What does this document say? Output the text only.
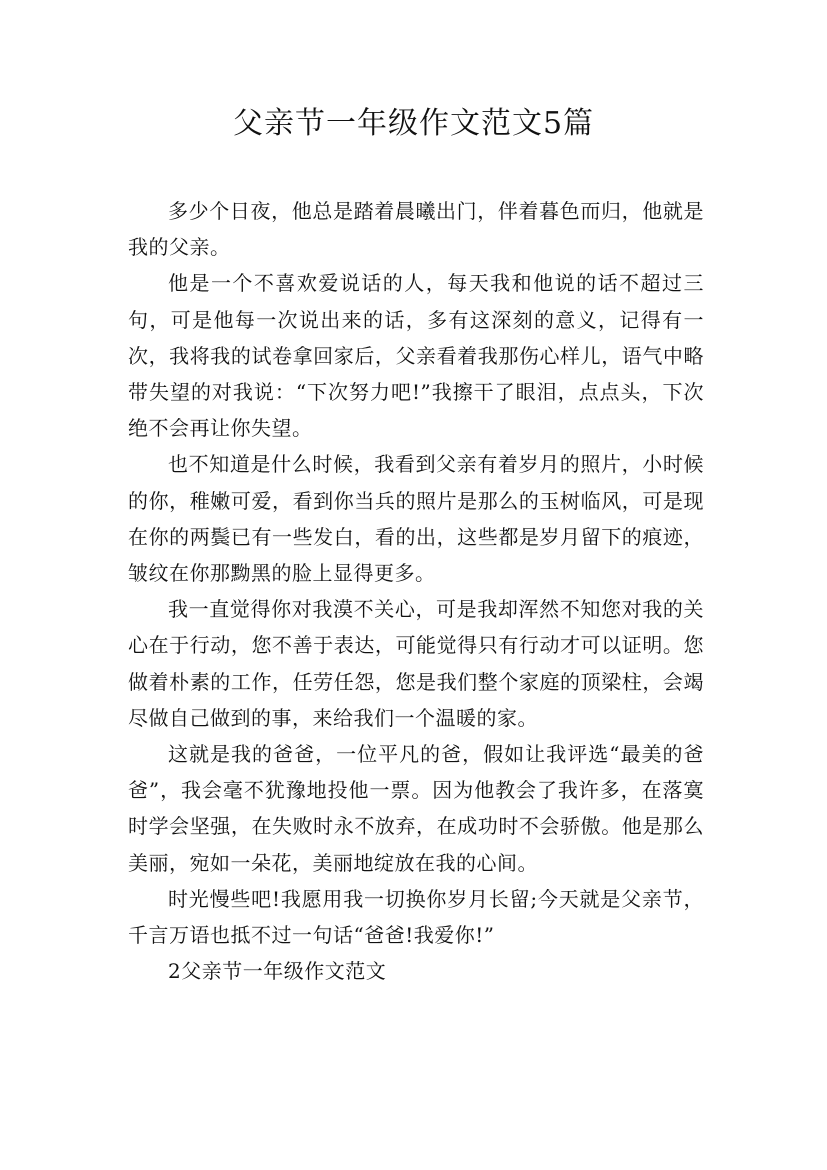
父亲节一年级作文范文5篇

多少个日夜，他总是踏着晨曦出门，伴着暮色而归，他就是我的父亲。

他是一个不喜欢爱说话的人，每天我和他说的话不超过三句，可是他每一次说出来的话，多有这深刻的意义，记得有一次，我将我的试卷拿回家后，父亲看着我那伤心样儿，语气中略带失望的对我说：“下次努力吧!”我擦干了眼泪，点点头，下次绝不会再让你失望。

也不知道是什么时候，我看到父亲有着岁月的照片，小时候的你，稚嫩可爱，看到你当兵的照片是那么的玉树临风，可是现在你的两鬓已有一些发白，看的出，这些都是岁月留下的痕迹，皱纹在你那黝黑的脸上显得更多。

我一直觉得你对我漠不关心，可是我却浑然不知您对我的关心在于行动，您不善于表达，可能觉得只有行动才可以证明。您做着朴素的工作，任劳任怨，您是我们整个家庭的顶梁柱，会竭尽做自己做到的事，来给我们一个温暖的家。

这就是我的爸爸，一位平凡的爸，假如让我评选“最美的爸爸”，我会毫不犹豫地投他一票。因为他教会了我许多，在落寞时学会坚强，在失败时永不放弃，在成功时不会骄傲。他是那么美丽，宛如一朵花，美丽地绽放在我的心间。

时光慢些吧!我愿用我一切换你岁月长留;今天就是父亲节，千言万语也抵不过一句话“爸爸!我爱你!”

2父亲节一年级作文范文
